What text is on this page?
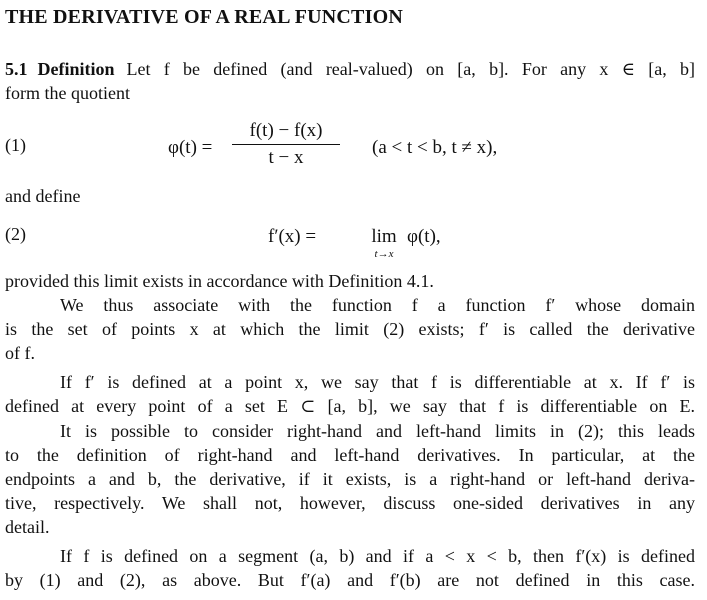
THE DERIVATIVE OF A REAL FUNCTION
5.1 Definition Let f be defined (and real-valued) on [a, b]. For any x ∈ [a, b]
form the quotient
(1)	φ(t) =
f(t) − f(x)
t − x	(a < t < b, t ≠ x),
and define
(2)	f′(x) =	lim
t→x
φ(t),
provided this limit exists in accordance with Definition 4.1.
We thus associate with the function f a function f′ whose domain
is the set of points x at which the limit (2) exists; f′ is called the derivative
of f.
If f′ is defined at a point x, we say that f is differentiable at x. If f′ is
defined at every point of a set E ⊂ [a, b], we say that f is differentiable on E.
It is possible to consider right-hand and left-hand limits in (2); this leads
to the definition of right-hand and left-hand derivatives. In particular, at the
endpoints a and b, the derivative, if it exists, is a right-hand or left-hand deriva-
tive, respectively. We shall not, however, discuss one-sided derivatives in any
detail.
If f is defined on a segment (a, b) and if a < x < b, then f′(x) is defined
by (1) and (2), as above. But f′(a) and f′(b) are not defined in this case.
